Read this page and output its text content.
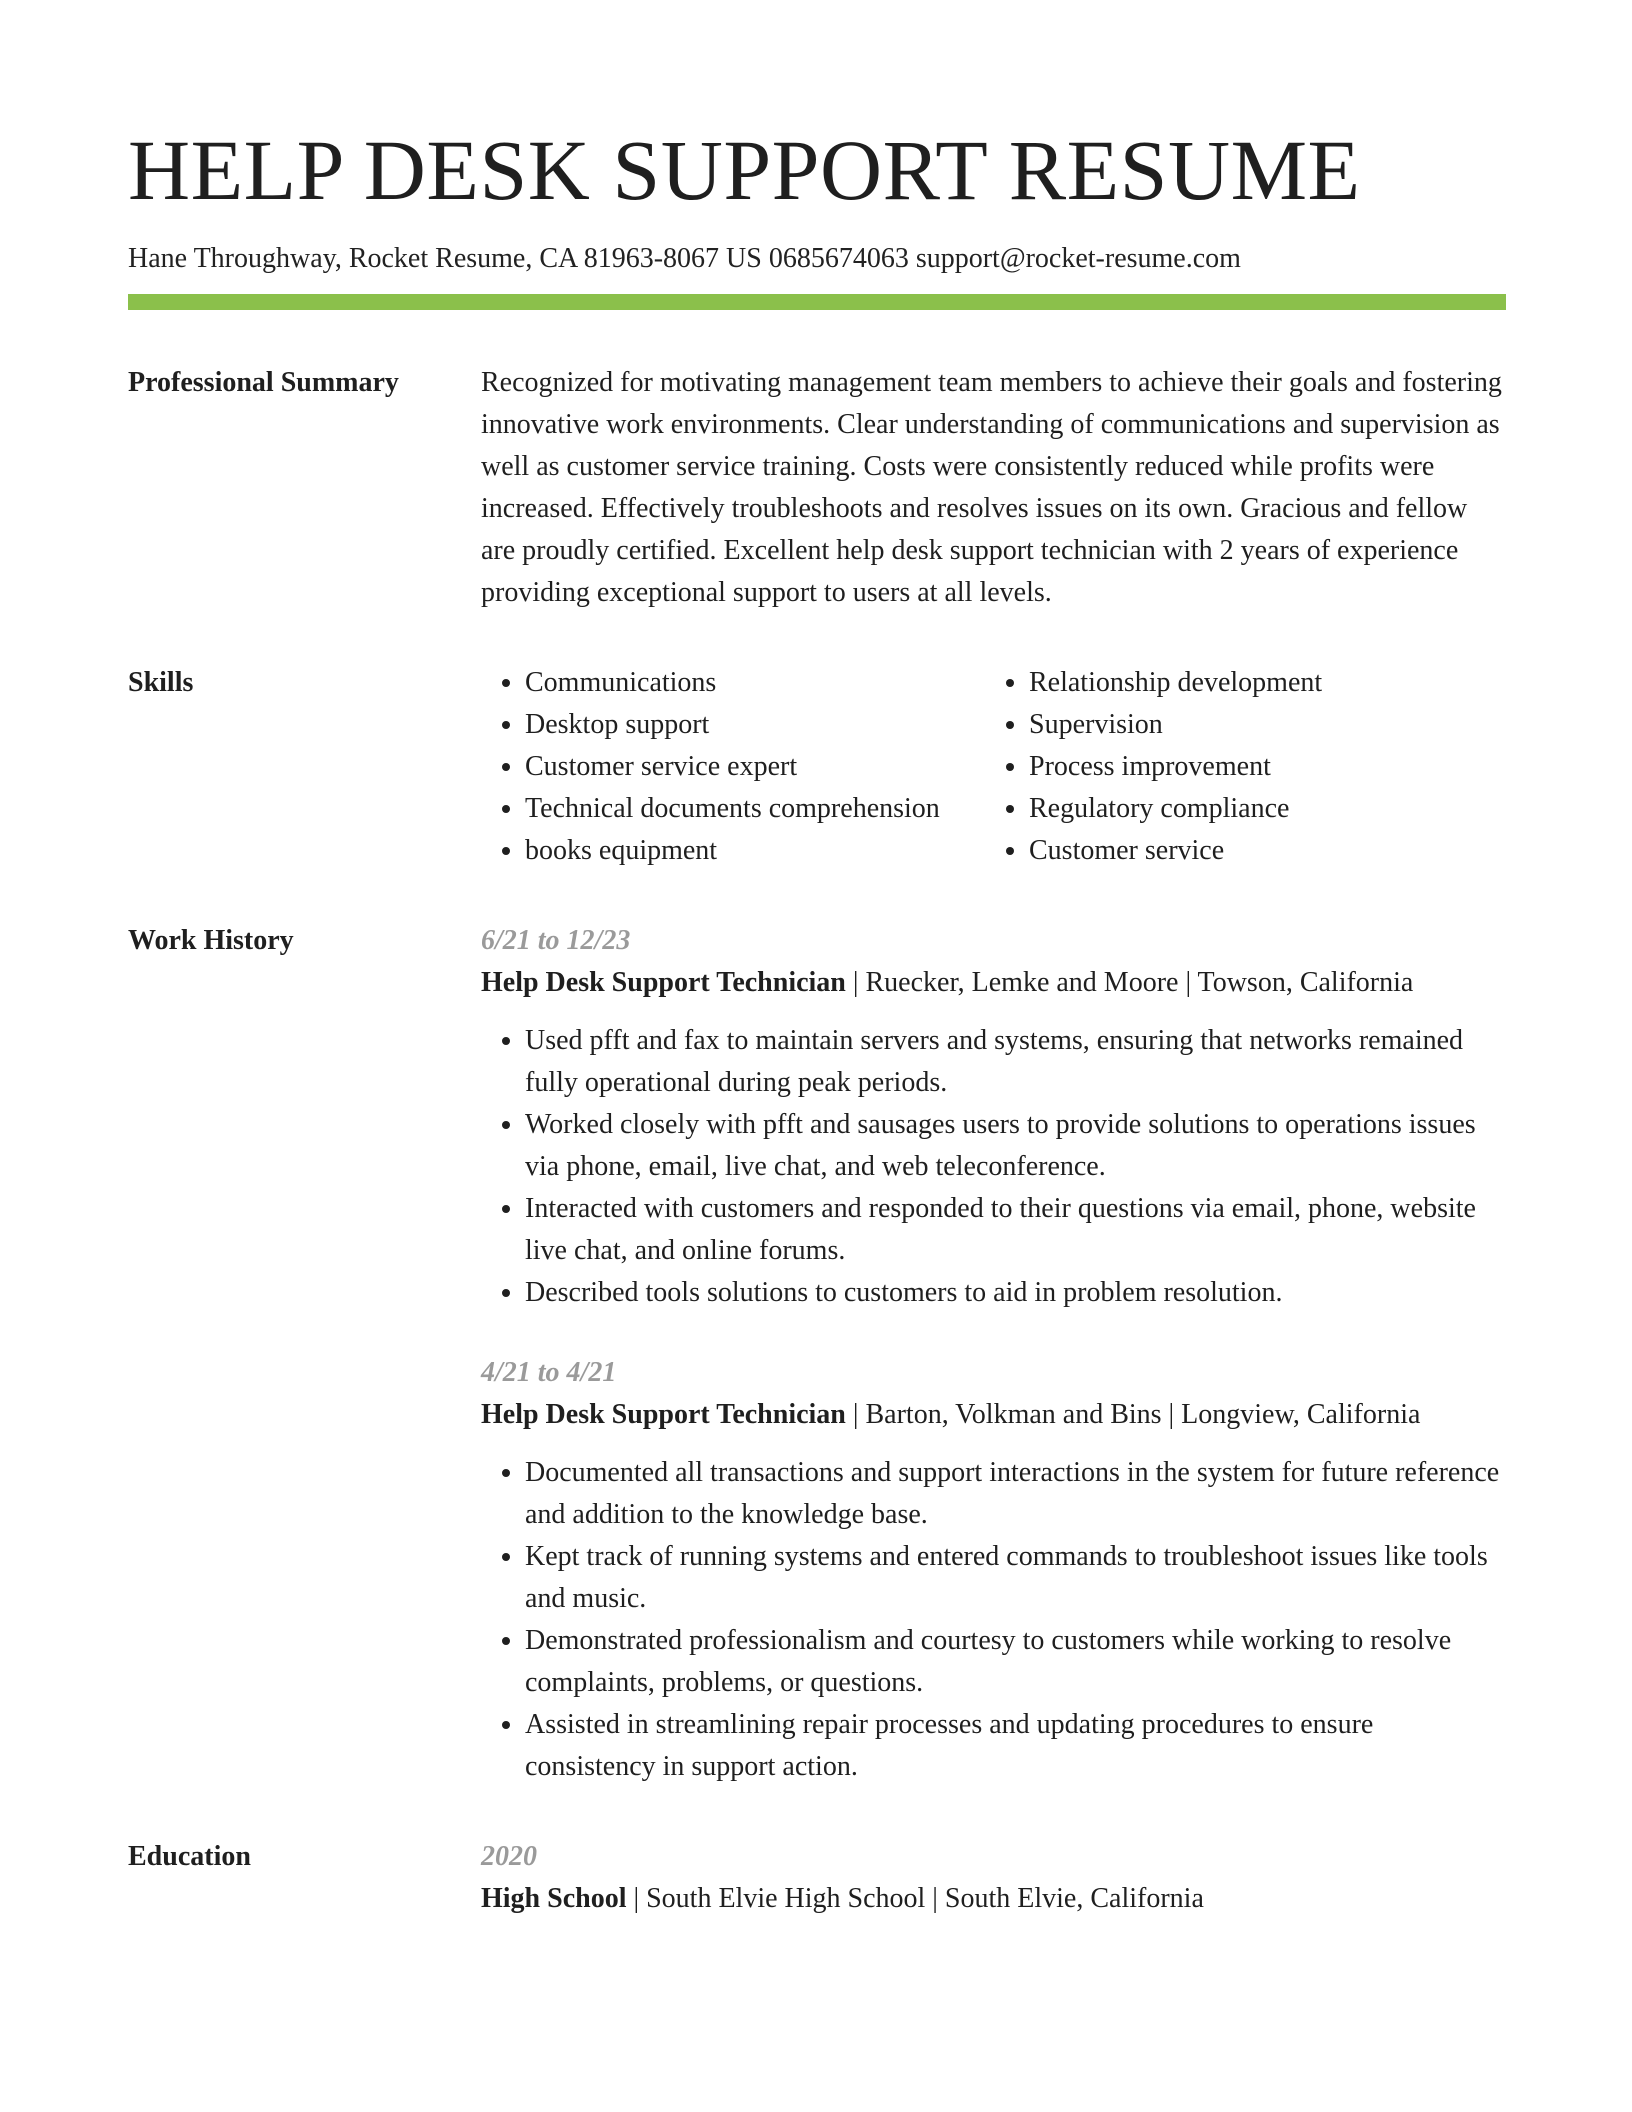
HELP DESK SUPPORT RESUME
Hane Throughway, Rocket Resume, CA 81963-8067 US 0685674063 support@rocket-resume.com
Professional Summary	Recognized for motivating management team members to achieve their goals and fostering innovative work environments. Clear understanding of communications and supervision as well as customer service training. Costs were consistently reduced while profits were increased. Effectively troubleshoots and resolves issues on its own. Gracious and fellow are proudly certified. Excellent help desk support technician with 2 years of experience providing exceptional support to users at all levels.

Skills
•	Communications
• Desktop support
• Customer service expert
• Technical documents comprehension
• books equipment
• Relationship development
• Supervision
• Process improvement
• Regulatory compliance
• Customer service
Work History	6/21 to 12/23
Help Desk Support Technician | Ruecker, Lemke and Moore | Towson, California
• Used pfft and fax to maintain servers and systems, ensuring that networks remained fully operational during peak periods.
• Worked closely with pfft and sausages users to provide solutions to operations issues via phone, email, live chat, and web teleconference.
• Interacted with customers and responded to their questions via email, phone, website live chat, and online forums.
• Described tools solutions to customers to aid in problem resolution.
4/21 to 4/21
Help Desk Support Technician | Barton, Volkman and Bins | Longview, California
• Documented all transactions and support interactions in the system for future reference and addition to the knowledge base.
• Kept track of running systems and entered commands to troubleshoot issues like tools and music.
• Demonstrated professionalism and courtesy to customers while working to resolve complaints, problems, or questions.
• Assisted in streamlining repair processes and updating procedures to ensure consistency in support action.
Education	2020
High School | South Elvie High School | South Elvie, California
